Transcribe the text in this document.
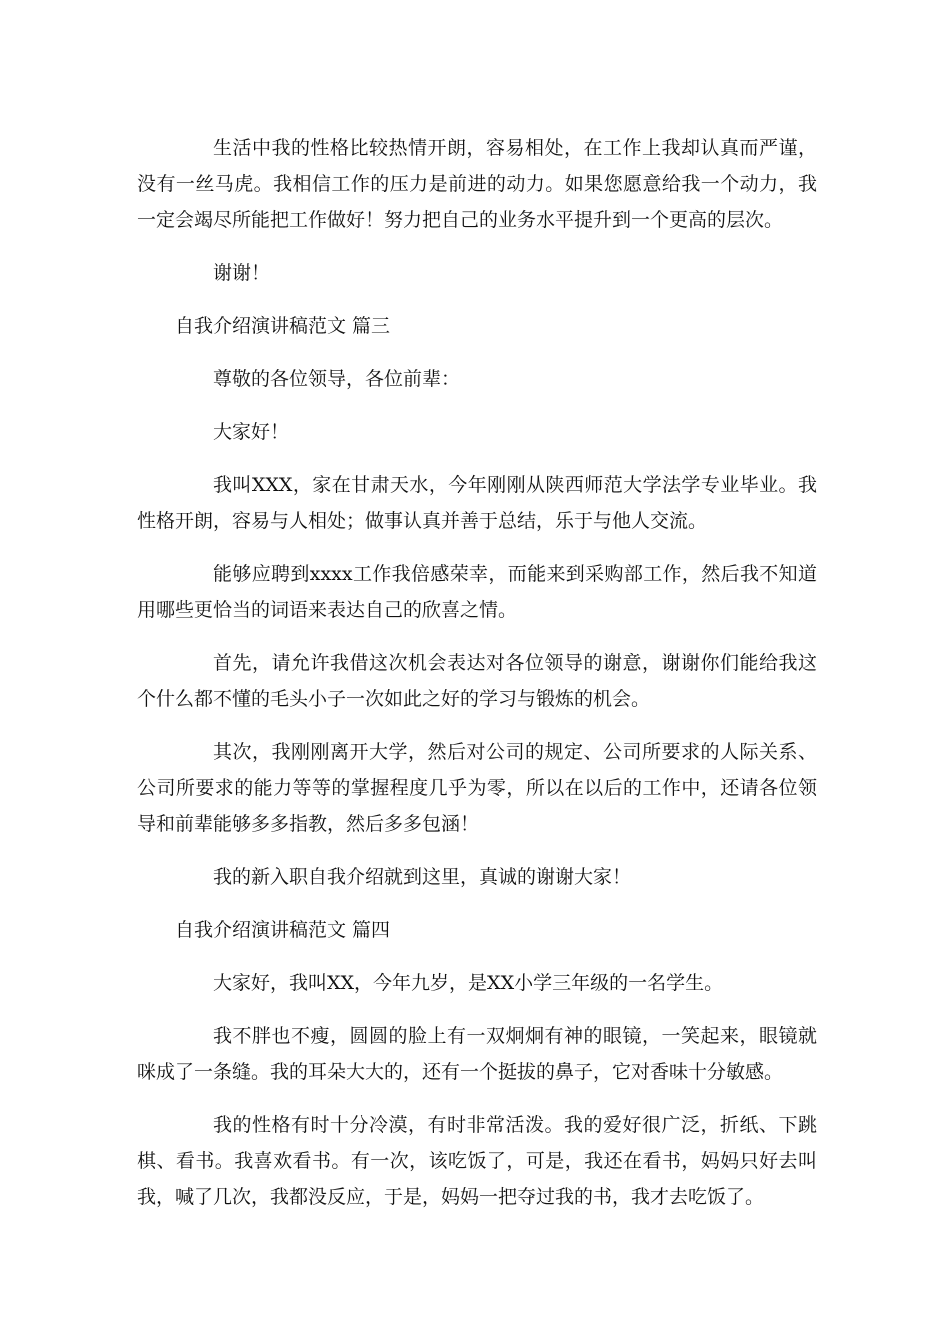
生活中我的性格比较热情开朗，容易相处，在工作上我却认真而严谨，没有一丝马虎。我相信工作的压力是前进的动力。如果您愿意给我一个动力，我一定会竭尽所能把工作做好！努力把自己的业务水平提升到一个更高的层次。

谢谢！

自我介绍演讲稿范文 篇三

尊敬的各位领导，各位前辈：

大家好！

我叫XXX，家在甘肃天水，今年刚刚从陕西师范大学法学专业毕业。我性格开朗，容易与人相处；做事认真并善于总结，乐于与他人交流。

能够应聘到xxxx工作我倍感荣幸，而能来到采购部工作，然后我不知道用哪些更恰当的词语来表达自己的欣喜之情。

首先，请允许我借这次机会表达对各位领导的谢意，谢谢你们能给我这个什么都不懂的毛头小子一次如此之好的学习与锻炼的机会。

其次，我刚刚离开大学，然后对公司的规定、公司所要求的人际关系、公司所要求的能力等等的掌握程度几乎为零，所以在以后的工作中，还请各位领导和前辈能够多多指教，然后多多包涵！

我的新入职自我介绍就到这里，真诚的谢谢大家！

自我介绍演讲稿范文 篇四

大家好，我叫XX，今年九岁，是XX小学三年级的一名学生。

我不胖也不瘦，圆圆的脸上有一双炯炯有神的眼镜，一笑起来，眼镜就咪成了一条缝。我的耳朵大大的，还有一个挺拔的鼻子，它对香味十分敏感。

我的性格有时十分冷漠，有时非常活泼。我的爱好很广泛，折纸、下跳棋、看书。我喜欢看书。有一次，该吃饭了，可是，我还在看书，妈妈只好去叫我，喊了几次，我都没反应，于是，妈妈一把夺过我的书，我才去吃饭了。
